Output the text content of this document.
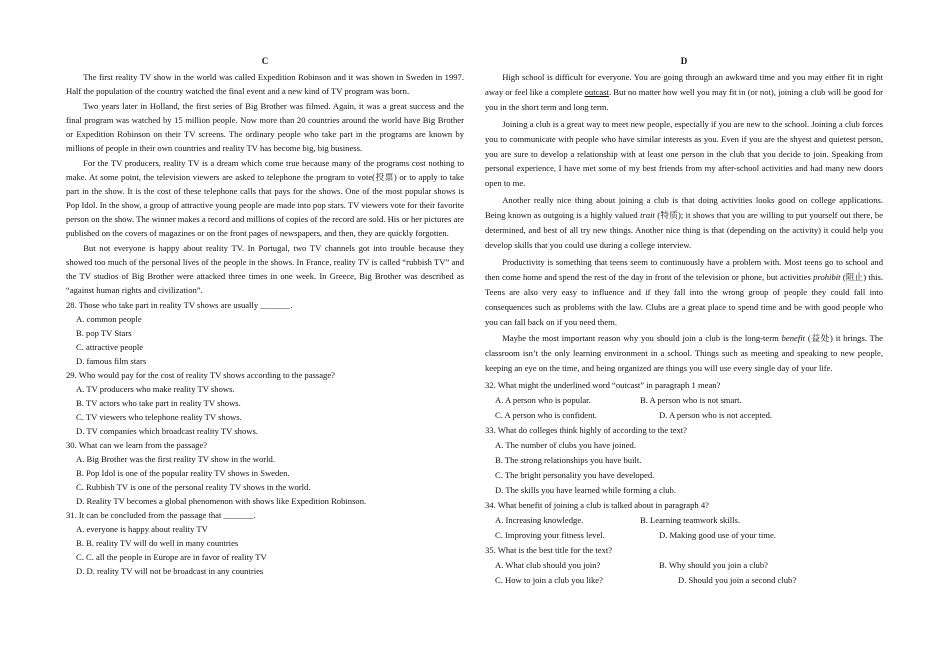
C

The first reality TV show in the world was called Expedition Robinson and it was shown in Sweden in 1997. Half the population of the country watched the final event and a new kind of TV program was born.

Two years later in Holland, the first series of Big Brother was filmed. Again, it was a great success and the final program was watched by 15 million people. Now more than 20 countries around the world have Big Brother or Expedition Robinson on their TV screens. The ordinary people who take part in the programs are known by millions of people in their own countries and reality TV has become big, big business.

For the TV producers, reality TV is a dream which come true because many of the programs cost nothing to make. At some point, the television viewers are asked to telephone the program to vote(投票) or to apply to take part in the show. It is the cost of these telephone calls that pays for the shows. One of the most popular shows is Pop Idol. In the show, a group of attractive young people are made into pop stars. TV viewers vote for their favorite person on the show. The winner makes a record and millions of copies of the record are sold. His or her pictures are published on the covers of magazines or on the front pages of newspapers, and then, they are quickly forgotten.

But not everyone is happy about reality TV. In Portugal, two TV channels got into trouble because they showed too much of the personal lives of the people in the shows. In France, reality TV is called “rubbish TV” and the TV studios of Big Brother were attacked three times in one week. In Greece, Big Brother was described as “against human rights and civilization”.

28. Those who take part in reality TV shows are usually _______.

A. common people

B. pop TV Stars

C. attractive people

D. famous film stars

29. Who would pay for the cost of reality TV shows according to the passage?

A. TV producers who make reality TV shows.

B. TV actors who take part in reality TV shows.

C. TV viewers who telephone reality TV shows.

D. TV companies which broadcast reality TV shows.

30. What can we learn from the passage?

A. Big Brother was the first reality TV show in the world.

B. Pop Idol is one of the popular reality TV shows in Sweden.

C. Rubbish TV is one of the personal reality TV shows in the world.

D. Reality TV becomes a global phenomenon with shows like Expedition Robinson.

31. It can be concluded from the passage that _______.

A. everyone is happy about reality TV

B. B. reality TV will do well in many countries

C. C. all the people in Europe are in favor of reality TV

D. D. reality TV will not be broadcast in any countries

D

High school is difficult for everyone. You are going through an awkward time and you may either fit in right away or feel like a complete outcast. But no matter how well you may fit in (or not), joining a club will be good for you in the short term and long term.

Joining a club is a great way to meet new people, especially if you are new to the school. Joining a club forces you to communicate with people who have similar interests as you. Even if you are the shyest and quietest person, you are sure to develop a relationship with at least one person in the club that you decide to join. Speaking from personal experience, I have met some of my best friends from my after-school activities and had many new doors open to me.

Another really nice thing about joining a club is that doing activities looks good on college applications. Being known as outgoing is a highly valued trait (特质); it shows that you are willing to put yourself out there, be determined, and best of all try new things. Another nice thing is that (depending on the activity) it could help you develop skills that you could use during a college interview.

Productivity is something that teens seem to continuously have a problem with. Most teens go to school and then come home and spend the rest of the day in front of the television or phone, but activities prohibit (阻止) this. Teens are also very easy to influence and if they fall into the wrong group of people they could fall into consequences such as problems with the law. Clubs are a great place to spend time and be with good people who you can fall back on if you need them.

Maybe the most important reason why you should join a club is the long-term benefit (益处) it brings. The classroom isn’t the only learning environment in a school. Things such as meeting and speaking to new people, keeping an eye on the time, and being organized are things you will use every single day of your life.

32. What might the underlined word “outcast” in paragraph 1 mean?

A. A person who is popular.	B. A person who is not smart.

C. A person who is confident.	D. A person who is not accepted.

33. What do colleges think highly of according to the text?

A. The number of clubs you have joined.

B. The strong relationships you have built.

C. The bright personality you have developed.

D. The skills you have learned while forming a club.

34. What benefit of joining a club is talked about in paragraph 4?

A. Increasing knowledge.	B. Learning teamwork skills.

C. Improving your fitness level.	D. Making good use of your time.

35. What is the best title for the text?

A. What club should you join?	B. Why should you join a club?

C. How to join a club you like?	D. Should you join a second club?
